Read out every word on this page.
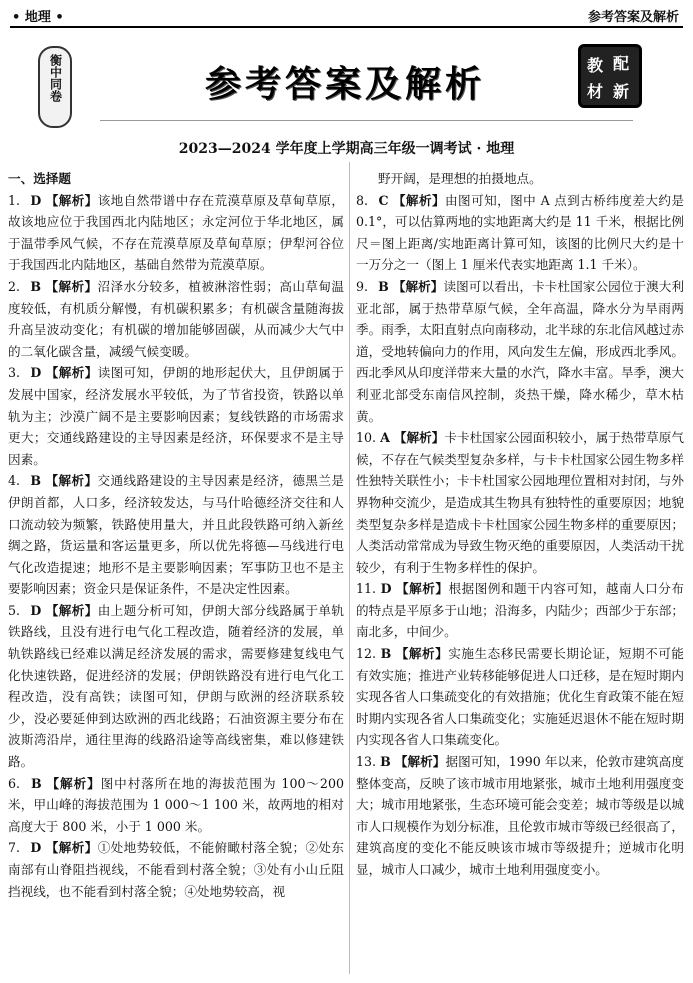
• 地理 •	参考答案及解析
衡中同卷	参考答案及解析	教 配
材 新
2023—2024 学年度上学期高三年级一调考试 · 地理

一、选择题

1. D 【解析】该地自然带谱中存在荒漠草原及草甸草原，故该地应位于我国西北内陆地区；永定河位于华北地区，属于温带季风气候，不存在荒漠草原及草甸草原；伊犁河谷位于我国西北内陆地区，基础自然带为荒漠草原。

2. B 【解析】沼泽水分较多，植被淋溶性弱；高山草甸温度较低，有机质分解慢，有机碳积累多；有机碳含量随海拔升高呈波动变化；有机碳的增加能够固碳，从而减少大气中的二氧化碳含量，减缓气候变暖。

3. D 【解析】读图可知，伊朗的地形起伏大，且伊朗属于发展中国家，经济发展水平较低，为了节省投资，铁路以单轨为主；沙漠广阔不是主要影响因素；复线铁路的市场需求更大；交通线路建设的主导因素是经济，环保要求不是主导因素。

4. B 【解析】交通线路建设的主导因素是经济，德黑兰是伊朗首都，人口多，经济较发达，与马什哈德经济交往和人口流动较为频繁，铁路使用量大，并且此段铁路可纳入新丝绸之路，货运量和客运量更多，所以优先将德—马线进行电气化改造提速；地形不是主要影响因素；军事防卫也不是主要影响因素；资金只是保证条件，不是决定性因素。

5. D 【解析】由上题分析可知，伊朗大部分线路属于单轨铁路线，且没有进行电气化工程改造，随着经济的发展，单轨铁路线已经难以满足经济发展的需求，需要修建复线电气化快速铁路，促进经济的发展；伊朗铁路没有进行电气化工程改造，没有高铁；读图可知，伊朗与欧洲的经济联系较少，没必要延伸到达欧洲的西北线路；石油资源主要分布在波斯湾沿岸，通往里海的线路沿途等高线密集，难以修建铁路。

6. B 【解析】图中村落所在地的海拔范围为 100～200 米，甲山峰的海拔范围为 1 000～1 100 米，故两地的相对高度大于 800 米，小于 1 000 米。

7. D 【解析】①处地势较低，不能俯瞰村落全貌；②处东南部有山脊阻挡视线，不能看到村落全貌；③处有小山丘阻挡视线，也不能看到村落全貌；④处地势较高，视

野开阔，是理想的拍摄地点。

8. C 【解析】由图可知，图中 A 点到古桥纬度差大约是 0.1°，可以估算两地的实地距离大约是 11 千米，根据比例尺＝图上距离/实地距离计算可知，该图的比例尺大约是十一万分之一（图上 1 厘米代表实地距离 1.1 千米）。

9. B 【解析】读图可以看出，卡卡杜国家公园位于澳大利亚北部，属于热带草原气候，全年高温，降水分为旱雨两季。雨季，太阳直射点向南移动，北半球的东北信风越过赤道，受地转偏向力的作用，风向发生左偏，形成西北季风。西北季风从印度洋带来大量的水汽，降水丰富。旱季，澳大利亚北部受东南信风控制，炎热干燥，降水稀少，草木枯黄。

10. A 【解析】卡卡杜国家公园面积较小，属于热带草原气候，不存在气候类型复杂多样，与卡卡杜国家公园生物多样性独特关联性小；卡卡杜国家公园地理位置相对封闭，与外界物种交流少，是造成其生物具有独特性的重要原因；地貌类型复杂多样是造成卡卡杜国家公园生物多样的重要原因；人类活动常常成为导致生物灭绝的重要原因，人类活动干扰较少，有利于生物多样性的保护。

11. D 【解析】根据图例和题干内容可知，越南人口分布的特点是平原多于山地；沿海多，内陆少；西部少于东部；南北多，中间少。

12. B 【解析】实施生态移民需要长期论证，短期不可能有效实施；推进产业转移能够促进人口迁移，是在短时期内实现各省人口集疏变化的有效措施；优化生育政策不能在短时期内实现各省人口集疏变化；实施延迟退休不能在短时期内实现各省人口集疏变化。

13. B 【解析】据图可知，1990 年以来，伦敦市建筑高度整体变高，反映了该市城市用地紧张，城市土地利用强度变大；城市用地紧张，生态环境可能会变差；城市等级是以城市人口规模作为划分标准，且伦敦市城市等级已经很高了，建筑高度的变化不能反映该市城市等级提升；逆城市化明显，城市人口减少，城市土地利用强度变小。
